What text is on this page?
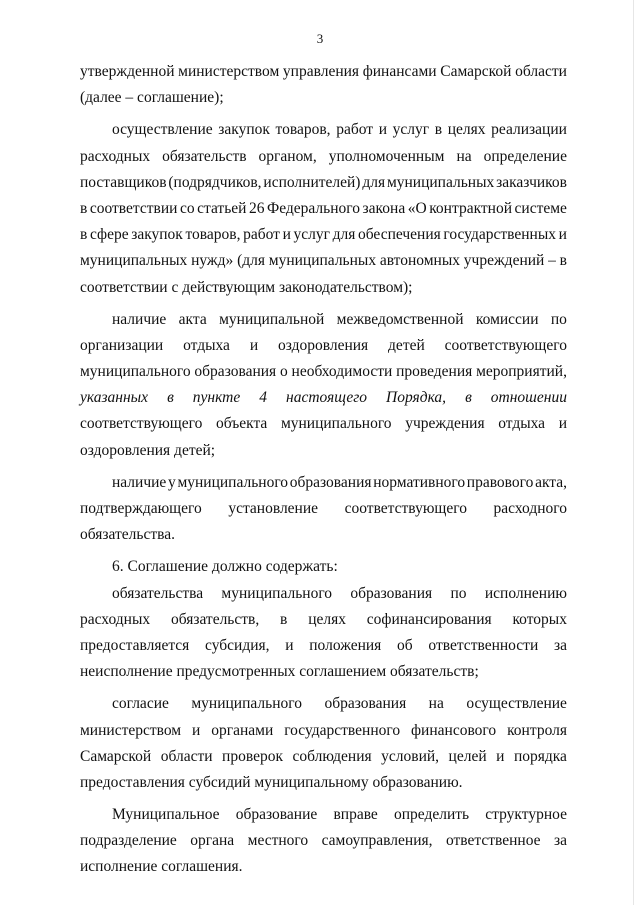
3
утвержденной министерством управления финансами Самарской области
(далее – соглашение);
осуществление закупок товаров, работ и услуг в целях реализации
расходных обязательств органом, уполномоченным на определение
поставщиков (подрядчиков, исполнителей) для муниципальных заказчиков
в соответствии со статьей 26 Федерального закона «О контрактной системе
в сфере закупок товаров, работ и услуг для обеспечения государственных и
муниципальных нужд» (для муниципальных автономных учреждений – в
соответствии с действующим законодательством);
наличие акта муниципальной межведомственной комиссии по
организации отдыха и оздоровления детей соответствующего
муниципального образования о необходимости проведения мероприятий,
указанных в пункте 4 настоящего Порядка, в отношении
соответствующего объекта муниципального учреждения отдыха и
оздоровления детей;
наличие у муниципального образования нормативного правового акта,
подтверждающего установление соответствующего расходного
обязательства.
6. Соглашение должно содержать:
обязательства муниципального образования по исполнению
расходных обязательств, в целях софинансирования которых
предоставляется субсидия, и положения об ответственности за
неисполнение предусмотренных соглашением обязательств;
согласие муниципального образования на осуществление
министерством и органами государственного финансового контроля
Самарской области проверок соблюдения условий, целей и порядка
предоставления субсидий муниципальному образованию.
Муниципальное образование вправе определить структурное
подразделение органа местного самоуправления, ответственное за
исполнение соглашения.
